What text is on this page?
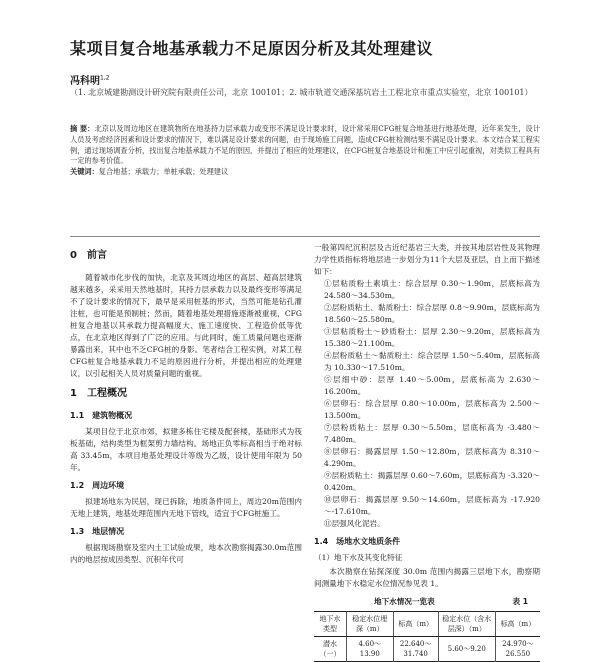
某项目复合地基承载力不足原因分析及其处理建议
冯科明$^{1,2}$
（1. 北京城建勘测设计研究院有限责任公司，北京 100101；2. 城市轨道交通深基坑岩土工程北京市重点实验室，北京 100101）
摘 要：北京以及周边地区在建筑物所在地基持力层承载力或变形不满足设计要求时，设计常采用CFG桩复合地基进行地基处理，近年来发生，设计人员及考虑经济因素和设计要求的情况下，难以满足设计要求的问题，由于现场施工问题，造成CFG桩检测结果不满足设计要求。本文结合某工程实例，通过现场调查分析，找出复合地基承载力不足的原因，并提出了相应的处理建议，在CFG桩复合地基设计和施工中应引起重视，对类似工程具有一定的参考价值。
关键词：复合地基；承载力；单桩承载；处理建议
0　前言

随着城市化步伐的加快，北京及其周边地区的高层、超高层建筑越来越多，采采用天然地基时，其持力层承载力以及最终变形等满足不了设计要求的情况下，最早是采用桩基的形式，当然可能是钻孔灌注桩，也可能是预制桩；然而，随着地基处理措施逐渐被重视，CFG桩复合地基以其承载力提高幅度大、施工速度快、工程造价低等优点，在北京地区得到了广泛的应用。与此同时，施工质量问题也逐渐暴露出来，其中也不乏CFG桩的身影。笔者结合工程实例，对某工程CFG桩复合地基承载力不足的原因进行分析，并提出相应的处理建议，以引起相关人员对质量问题的重视。

1　工程概况
1.1　建筑物概况

某项目位于北京市郊，拟建多栋住宅楼及配套楼，基础形式为筏板基础，结构类型为框架剪力墙结构。场地正负零标高相当于绝对标高 33.45m，本项目地基处理设计等级为乙级，设计使用年限为 50 年。

1.2　周边环境

拟建场地东为民居，现已拆除，地质条件同上，周边20m范围内无地上建筑，地基处理范围内无地下管线，适宜于CFG桩施工。

1.3　地层情况

根据现场勘察及室内土工试验成果，地本次勘察揭露30.0m范围内的地层按成因类型、沉积年代可

一般第四纪沉积层及古近纪基岩三大类，并按其地层岩性及其物理力学性质指标将地层进一步划分为11个大层及亚层，自上而下描述如下：

①层粘质粉土素填土：综合层厚 0.30～1.90m，层底标高为 24.580～34.530m。

②层粉质粘土、黏质粉土：综合层厚 0.8～9.90m，层底标高为 18.560～25.580m。

③层粘质粉土～砂质粉土：层厚 2.30～9.20m，层底标高为 15.380～21.100m。

④层粉质粘土～黏质粉土：综合层厚 1.50～5.40m，层底标高为 10.330～17.510m。

⑤层细中砂：层厚 1.40～5.00m，层底标高为 2.630～16.200m。

⑥层卵石：综合层厚 0.80～10.00m，层底标高为 2.500～13.500m。

⑦层粉质粘土：层厚 0.30～5.50m，层底标高为 -3.480～7.480m。

⑧层卵石：揭露层厚 1.50～12.80m，层底标高为 8.310～4.290m。

⑨层粉质粘土：揭露层厚 0.60～7.60m，层底标高为 -3.320～0.420m。

⑩层卵石：揭露层厚 9.50～14.60m，层底标高为 -17.920～-17.610m。

⑪层强风化泥岩。

1.4　场地水文地质条件
（1）地下水及其变化特征

本次勘察在钻探深度 30.0m 范围内揭露三层地下水，勘察期间测量地下水稳定水位情况参见表 1。

地下水情况一览表	表 1
地下水类型	稳定水位埋深（m）	标高（m）	稳定水位（含水层深）（m）	标高（m）
潜水（一）	4.60～13.90	22.640～31.740	5.60～9.20	24.970～26.550
